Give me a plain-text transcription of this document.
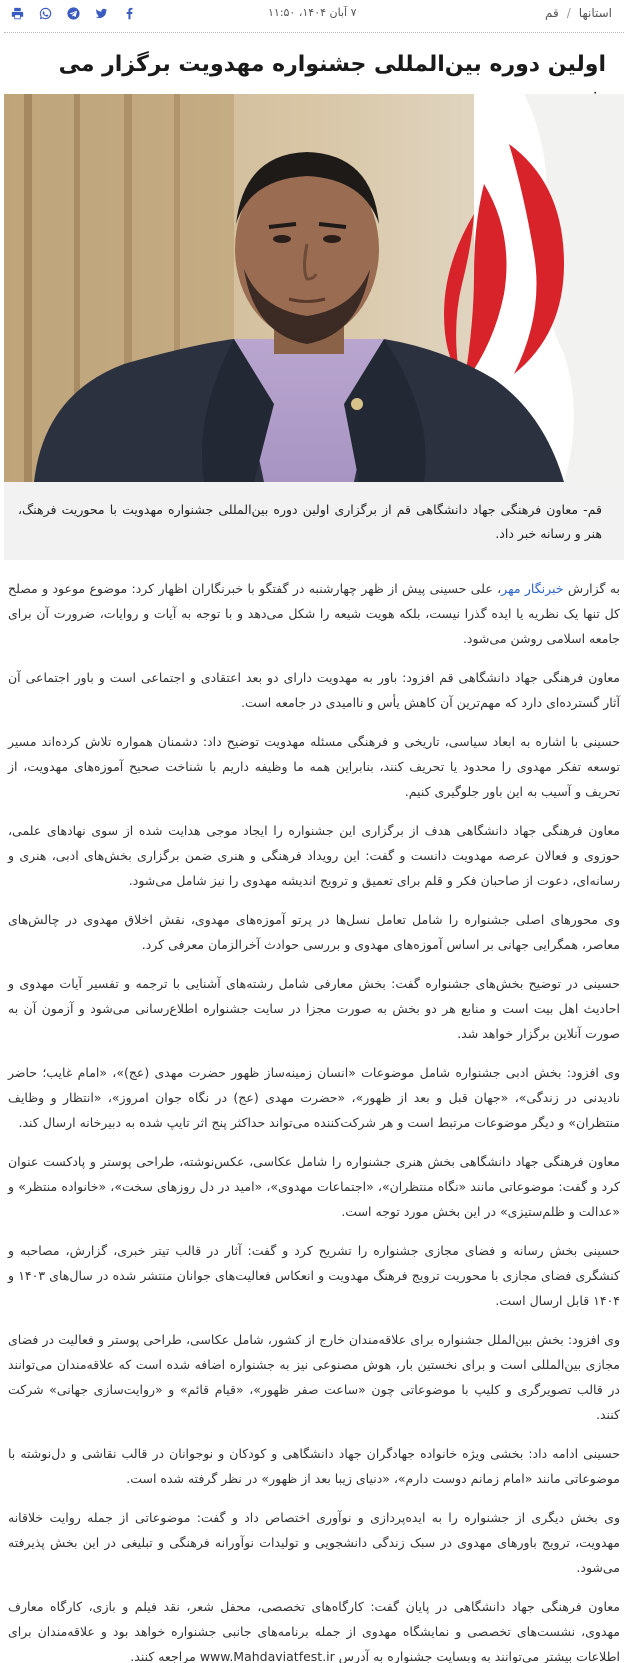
استانها
/
قم
۷ آبان ۱۴۰۴، ۱۱:۵۰
اولین دوره بین‌المللی جشنواره مهدویت برگزار می
قم- معاون فرهنگی جهاد دانشگاهی قم از برگزاری اولین دوره بین‌المللی جشنواره مهدویت با محوریت فرهنگ، هنر و رسانه خبر داد.

به گزارش خبرنگار مهر، علی حسینی پیش از ظهر چهارشنبه در گفتگو با خبرنگاران اظهار کرد: موضوع موعود و مصلح کل تنها یک نظریه یا ایده گذرا نیست، بلکه هویت شیعه را شکل می‌دهد و با توجه به آیات و روایات، ضرورت آن برای جامعه اسلامی روشن می‌شود.

معاون فرهنگی جهاد دانشگاهی قم افزود: باور به مهدویت دارای دو بعد اعتقادی و اجتماعی است و باور اجتماعی آن آثار گسترده‌ای دارد که مهم‌ترین آن کاهش یأس و ناامیدی در جامعه است.

حسینی با اشاره به ابعاد سیاسی، تاریخی و فرهنگی مسئله مهدویت توضیح داد: دشمنان همواره تلاش کرده‌اند مسیر توسعه تفکر مهدوی را محدود یا تحریف کنند، بنابراین همه ما وظیفه داریم با شناخت صحیح آموزه‌های مهدویت، از تحریف و آسیب به این باور جلوگیری کنیم.

معاون فرهنگی جهاد دانشگاهی هدف از برگزاری این جشنواره را ایجاد موجی هدایت شده از سوی نهادهای علمی، حوزوی و فعالان عرصه مهدویت دانست و گفت: این رویداد فرهنگی و هنری ضمن برگزاری بخش‌های ادبی، هنری و رسانه‌ای، دعوت از صاحبان فکر و قلم برای تعمیق و ترویج اندیشه مهدوی را نیز شامل می‌شود.

وی محورهای اصلی جشنواره را شامل تعامل نسل‌ها در پرتو آموزه‌های مهدوی، نقش اخلاق مهدوی در چالش‌های معاصر، همگرایی جهانی بر اساس آموزه‌های مهدوی و بررسی حوادث آخرالزمان معرفی کرد.

حسینی در توضیح بخش‌های جشنواره گفت: بخش معارفی شامل رشته‌های آشنایی با ترجمه و تفسیر آیات مهدوی و احادیث اهل بیت است و منابع هر دو بخش به صورت مجزا در سایت جشنواره اطلاع‌رسانی می‌شود و آزمون آن به صورت آنلاین برگزار خواهد شد.

وی افزود: بخش ادبی جشنواره شامل موضوعات «انسان زمینه‌ساز ظهور حضرت مهدی (عج)»، «امام غایب؛ حاضر نادیدنی در زندگی»، «جهان قبل و بعد از ظهور»، «حضرت مهدی (عج) در نگاه جوان امروز»، «انتظار و وظایف منتظران» و دیگر موضوعات مرتبط است و هر شرکت‌کننده می‌تواند حداکثر پنج اثر تایپ شده به دبیرخانه ارسال کند.

معاون فرهنگی جهاد دانشگاهی بخش هنری جشنواره را شامل عکاسی، عکس‌نوشته، طراحی پوستر و پادکست عنوان کرد و گفت: موضوعاتی مانند «نگاه منتظران»، «اجتماعات مهدوی»، «امید در دل روزهای سخت»، «خانواده منتظر» و «عدالت و ظلم‌ستیزی» در این بخش مورد توجه است.

حسینی بخش رسانه و فضای مجازی جشنواره را تشریح کرد و گفت: آثار در قالب تیتر خبری، گزارش، مصاحبه و کنشگری فضای مجازی با محوریت ترویج فرهنگ مهدویت و انعکاس فعالیت‌های جوانان منتشر شده در سال‌های ۱۴۰۳ و ۱۴۰۴ قابل ارسال است.

وی افزود: بخش بین‌الملل جشنواره برای علاقه‌مندان خارج از کشور، شامل عکاسی، طراحی پوستر و فعالیت در فضای مجازی بین‌المللی است و برای نخستین بار، هوش مصنوعی نیز به جشنواره اضافه شده است که علاقه‌مندان می‌توانند در قالب تصویرگری و کلیپ با موضوعاتی چون «ساعت صفر ظهور»، «قیام قائم» و «روایت‌سازی جهانی» شرکت کنند.

حسینی ادامه داد: بخشی ویژه خانواده جهادگران جهاد دانشگاهی و کودکان و نوجوانان در قالب نقاشی و دل‌نوشته با موضوعاتی مانند «امام زمانم دوست دارم»، «دنیای زیبا بعد از ظهور» در نظر گرفته شده است.

وی بخش دیگری از جشنواره را به ایده‌پردازی و نوآوری اختصاص داد و گفت: موضوعاتی از جمله روایت خلاقانه مهدویت، ترویج باورهای مهدوی در سبک زندگی دانشجویی و تولیدات نوآورانه فرهنگی و تبلیغی در این بخش پذیرفته می‌شود.

معاون فرهنگی جهاد دانشگاهی در پایان گفت: کارگاه‌های تخصصی، محفل شعر، نقد فیلم و بازی، کارگاه معارف مهدوی، نشست‌های تخصصی و نمایشگاه مهدوی از جمله برنامه‌های جانبی جشنواره خواهد بود و علاقه‌مندان برای اطلاعات بیشتر می‌توانند به وبسایت جشنواره به آدرس www.Mahdaviatfest.ir مراجعه کنند.
